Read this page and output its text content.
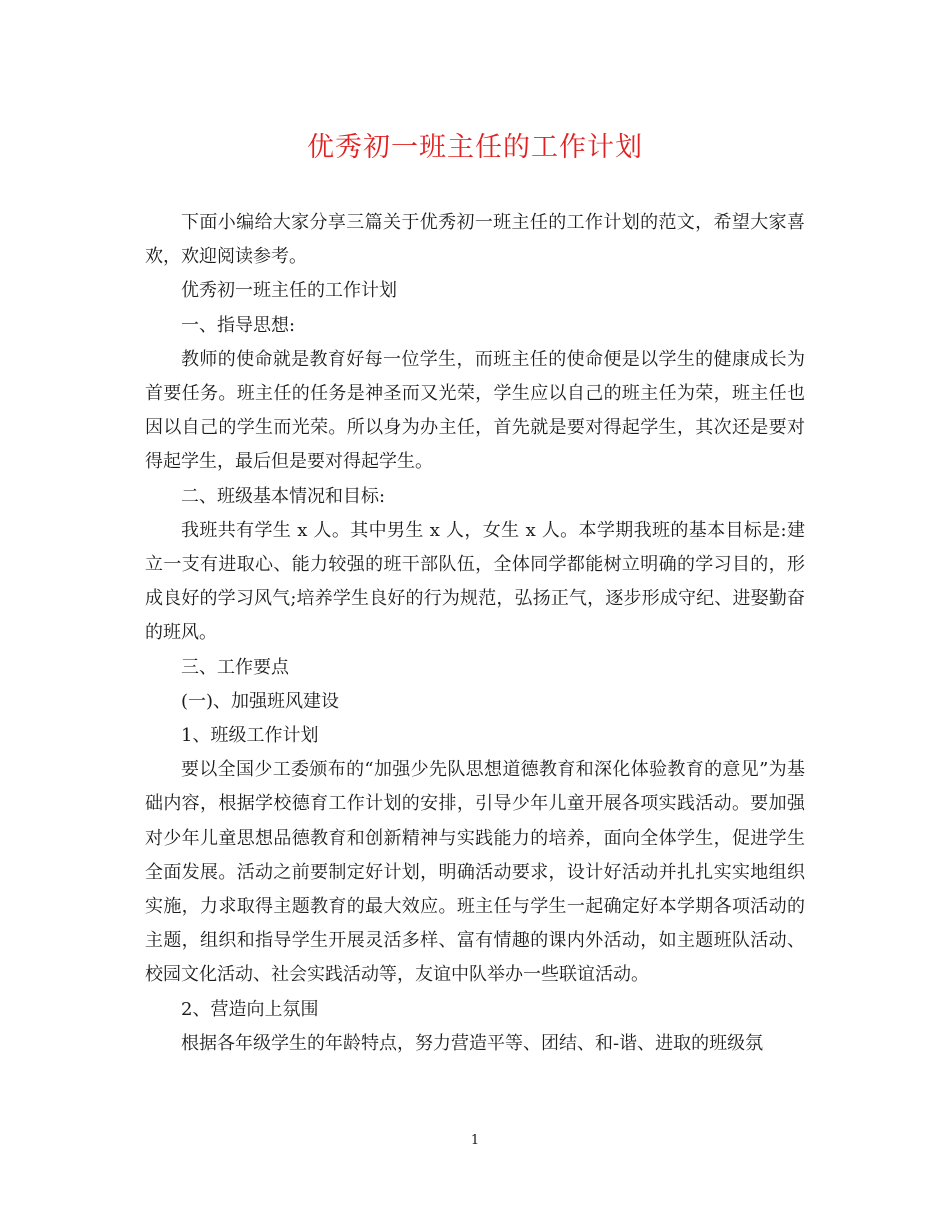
优秀初一班主任的工作计划

下面小编给大家分享三篇关于优秀初一班主任的工作计划的范文，希望大家喜欢，欢迎阅读参考。

优秀初一班主任的工作计划

一、指导思想:

教师的使命就是教育好每一位学生，而班主任的使命便是以学生的健康成长为首要任务。班主任的任务是神圣而又光荣，学生应以自己的班主任为荣，班主任也因以自己的学生而光荣。所以身为办主任，首先就是要对得起学生，其次还是要对得起学生，最后但是要对得起学生。

二、班级基本情况和目标:

我班共有学生 x 人。其中男生 x 人，女生 x 人。本学期我班的基本目标是:建立一支有进取心、能力较强的班干部队伍，全体同学都能树立明确的学习目的，形成良好的学习风气;培养学生良好的行为规范，弘扬正气，逐步形成守纪、进娶勤奋的班风。

三、工作要点

(一)、加强班风建设

1、班级工作计划

要以全国少工委颁布的“加强少先队思想道德教育和深化体验教育的意见”为基础内容，根据学校德育工作计划的安排，引导少年儿童开展各项实践活动。要加强对少年儿童思想品德教育和创新精神与实践能力的培养，面向全体学生，促进学生全面发展。活动之前要制定好计划，明确活动要求，设计好活动并扎扎实实地组织实施，力求取得主题教育的最大效应。班主任与学生一起确定好本学期各项活动的主题，组织和指导学生开展灵活多样、富有情趣的课内外活动，如主题班队活动、校园文化活动、社会实践活动等，友谊中队举办一些联谊活动。

2、营造向上氛围

根据各年级学生的年龄特点，努力营造平等、团结、和-谐、进取的班级氛

1
